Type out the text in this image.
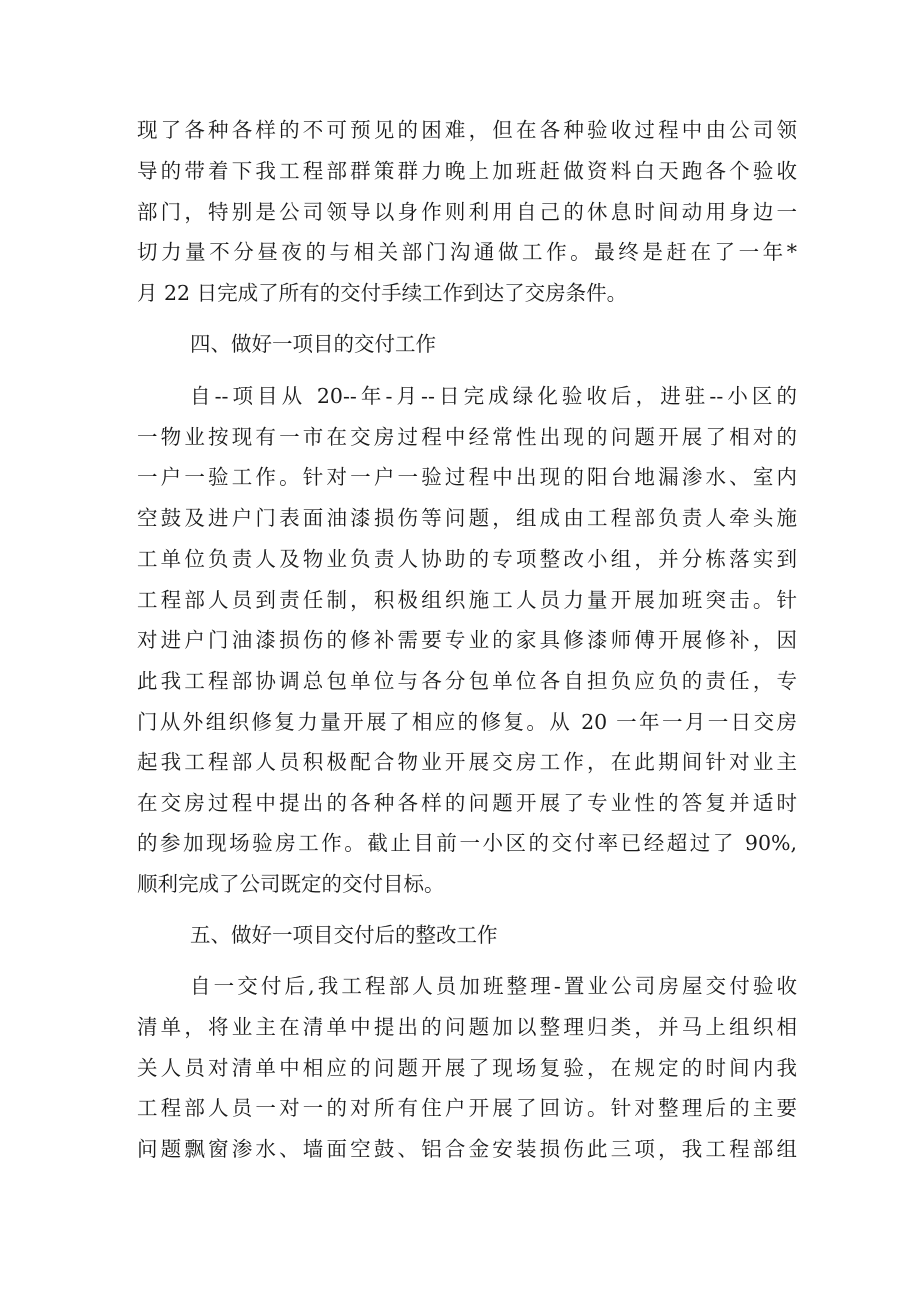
现了各种各样的不可预见的困难，但在各种验收过程中由公司领
导的带着下我工程部群策群力晚上加班赶做资料白天跑各个验收
部门，特别是公司领导以身作则利用自己的休息时间动用身边一
切力量不分昼夜的与相关部门沟通做工作。最终是赶在了一年*
月 22 日完成了所有的交付手续工作到达了交房条件。
四、做好一项目的交付工作
自--项目从 20--年-月--日完成绿化验收后，进驻--小区的
一物业按现有一市在交房过程中经常性出现的问题开展了相对的
一户一验工作。针对一户一验过程中出现的阳台地漏渗水、室内
空鼓及进户门表面油漆损伤等问题，组成由工程部负责人牵头施
工单位负责人及物业负责人协助的专项整改小组，并分栋落实到
工程部人员到责任制，积极组织施工人员力量开展加班突击。针
对进户门油漆损伤的修补需要专业的家具修漆师傅开展修补，因
此我工程部协调总包单位与各分包单位各自担负应负的责任，专
门从外组织修复力量开展了相应的修复。从 20 一年一月一日交房
起我工程部人员积极配合物业开展交房工作，在此期间针对业主
在交房过程中提出的各种各样的问题开展了专业性的答复并适时
的参加现场验房工作。截止目前一小区的交付率已经超过了 90%,
顺利完成了公司既定的交付目标。
五、做好一项目交付后的整改工作
自一交付后,我工程部人员加班整理-置业公司房屋交付验收
清单，将业主在清单中提出的问题加以整理归类，并马上组织相
关人员对清单中相应的问题开展了现场复验，在规定的时间内我
工程部人员一对一的对所有住户开展了回访。针对整理后的主要
问题飘窗渗水、墙面空鼓、铝合金安装损伤此三项，我工程部组
